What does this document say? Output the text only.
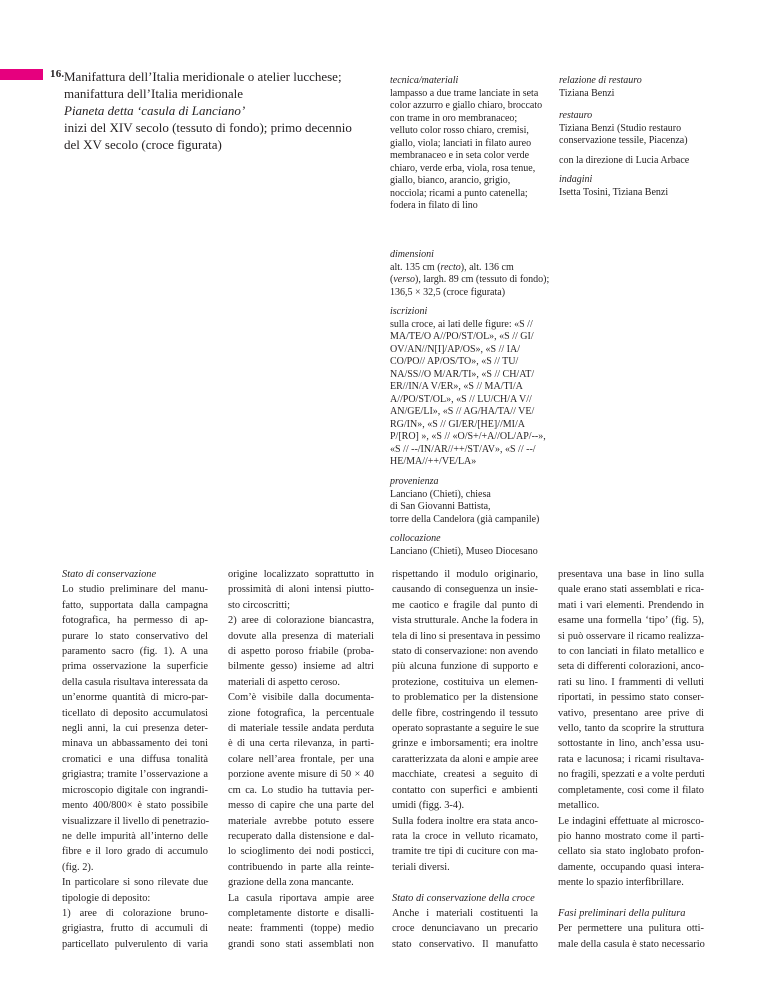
16. Manifattura dell’Italia meridionale o atelier lucchese;
manifattura dell’Italia meridionale
Pianeta detta ‘casula di Lanciano’
inizi del XIV secolo (tessuto di fondo); primo decennio
del XV secolo (croce figurata)
tecnica/materiali
lampasso a due trame lanciate in seta
color azzurro e giallo chiaro, broccato
con trame in oro membranaceo;
velluto color rosso chiaro, cremisi,
giallo, viola; lanciati in filato aureo
membranaceo e in seta color verde
chiaro, verde erba, viola, rosa tenue,
giallo, bianco, arancio, grigio,
nocciola; ricami a punto catenella;
fodera in filato di lino
relazione di restauro
Tiziana Benzi
restauro
Tiziana Benzi (Studio restauro
conservazione tessile, Piacenza)
con la direzione di Lucia Arbace
indagini
Isetta Tosini, Tiziana Benzi
dimensioni
alt. 135 cm (recto), alt. 136 cm
(verso), largh. 89 cm (tessuto di fondo);
136,5 × 32,5 (croce figurata)
iscrizioni
sulla croce, ai lati delle figure: «S //
MA/TE/O A//PO/ST/OL», «S // GI/
OV/AN//N[I]/AP/OS», «S // IA/
CO/PO// AP/OS/TO», «S // TU/
NA/SS//O M/AR/TI», «S // CH/AT/
ER//IN/A V/ER», «S // MA/TI/A
A//PO/ST/OL», «S // LU/CH/A V//
AN/GE/LI», «S // AG/HA/TA// VE/
RG/IN», «S // GI/ER/[HE]//MI/A
P/[RO] », «S // «O/S+/+A//OL/AP/--»,
«S // --/IN/AR//++/ST/AV», «S // --/
HE/MA//++/VE/LA»
provenienza
Lanciano (Chieti), chiesa
di San Giovanni Battista,
torre della Candelora (già campanile)
collocazione
Lanciano (Chieti), Museo Diocesano
Stato di conservazione
Lo studio preliminare del manu-
fatto, supportata dalla campagna
fotografica, ha permesso di ap-
purare lo stato conservativo del
paramento sacro (fig. 1). A una
prima osservazione la superficie
della casula risultava interessata da
un’enorme quantità di micro-par-
ticellato di deposito accumulatosi
negli anni, la cui presenza deter-
minava un abbassamento dei toni
cromatici e una diffusa tonalità
grigiastra; tramite l’osservazione a
microscopio digitale con ingrandi-
mento 400/800× è stato possibile
visualizzare il livello di penetrazio-
ne delle impurità all’interno delle
fibre e il loro grado di accumulo
(fig. 2).
In particolare si sono rilevate due
tipologie di deposito:
1) aree di colorazione bruno-
grigiastra, frutto di accumuli di
particellato pulverulento di varia
origine localizzato soprattutto in
prossimità di aloni intensi piutto-
sto circoscritti;
2) aree di colorazione biancastra,
dovute alla presenza di materiali
di aspetto poroso friabile (proba-
bilmente gesso) insieme ad altri
materiali di aspetto ceroso.
Com’è visibile dalla documenta-
zione fotografica, la percentuale
di materiale tessile andata perduta
è di una certa rilevanza, in parti-
colare nell’area frontale, per una
porzione avente misure di 50 × 40
cm ca. Lo studio ha tuttavia per-
messo di capire che una parte del
materiale avrebbe potuto essere
recuperato dalla distensione e dal-
lo scioglimento dei nodi posticci,
contribuendo in parte alla reinte-
grazione della zona mancante.
La casula riportava ampie aree
completamente distorte e disalli-
neate: frammenti (toppe) medio
grandi sono stati assemblati non
rispettando il modulo originario,
causando di conseguenza un insie-
me caotico e fragile dal punto di
vista strutturale. Anche la fodera in
tela di lino si presentava in pessimo
stato di conservazione: non avendo
più alcuna funzione di supporto e
protezione, costituiva un elemen-
to problematico per la distensione
delle fibre, costringendo il tessuto
operato soprastante a seguire le sue
grinze e imborsamenti; era inoltre
caratterizzata da aloni e ampie aree
macchiate, createsi a seguito di
contatto con superfici e ambienti
umidi (figg. 3-4).
Sulla fodera inoltre era stata anco-
rata la croce in velluto ricamato,
tramite tre tipi di cuciture con ma-
teriali diversi.
Stato di conservazione della croce
Anche i materiali costituenti la
croce denunciavano un precario
stato conservativo. Il manufatto
presentava una base in lino sulla
quale erano stati assemblati e rica-
mati i vari elementi. Prendendo in
esame una formella ‘tipo’ (fig. 5),
si può osservare il ricamo realizza-
to con lanciati in filato metallico e
seta di differenti colorazioni, anco-
rati su lino. I frammenti di velluti
riportati, in pessimo stato conser-
vativo, presentano aree prive di
vello, tanto da scoprire la struttura
sottostante in lino, anch’essa usu-
rata e lacunosa; i ricami risultava-
no fragili, spezzati e a volte perduti
completamente, così come il filato
metallico.
Le indagini effettuate al microsco-
pio hanno mostrato come il parti-
cellato sia stato inglobato profon-
damente, occupando quasi intera-
mente lo spazio interfibrillare.
Fasi preliminari della pulitura
Per permettere una pulitura otti-
male della casula è stato necessario
